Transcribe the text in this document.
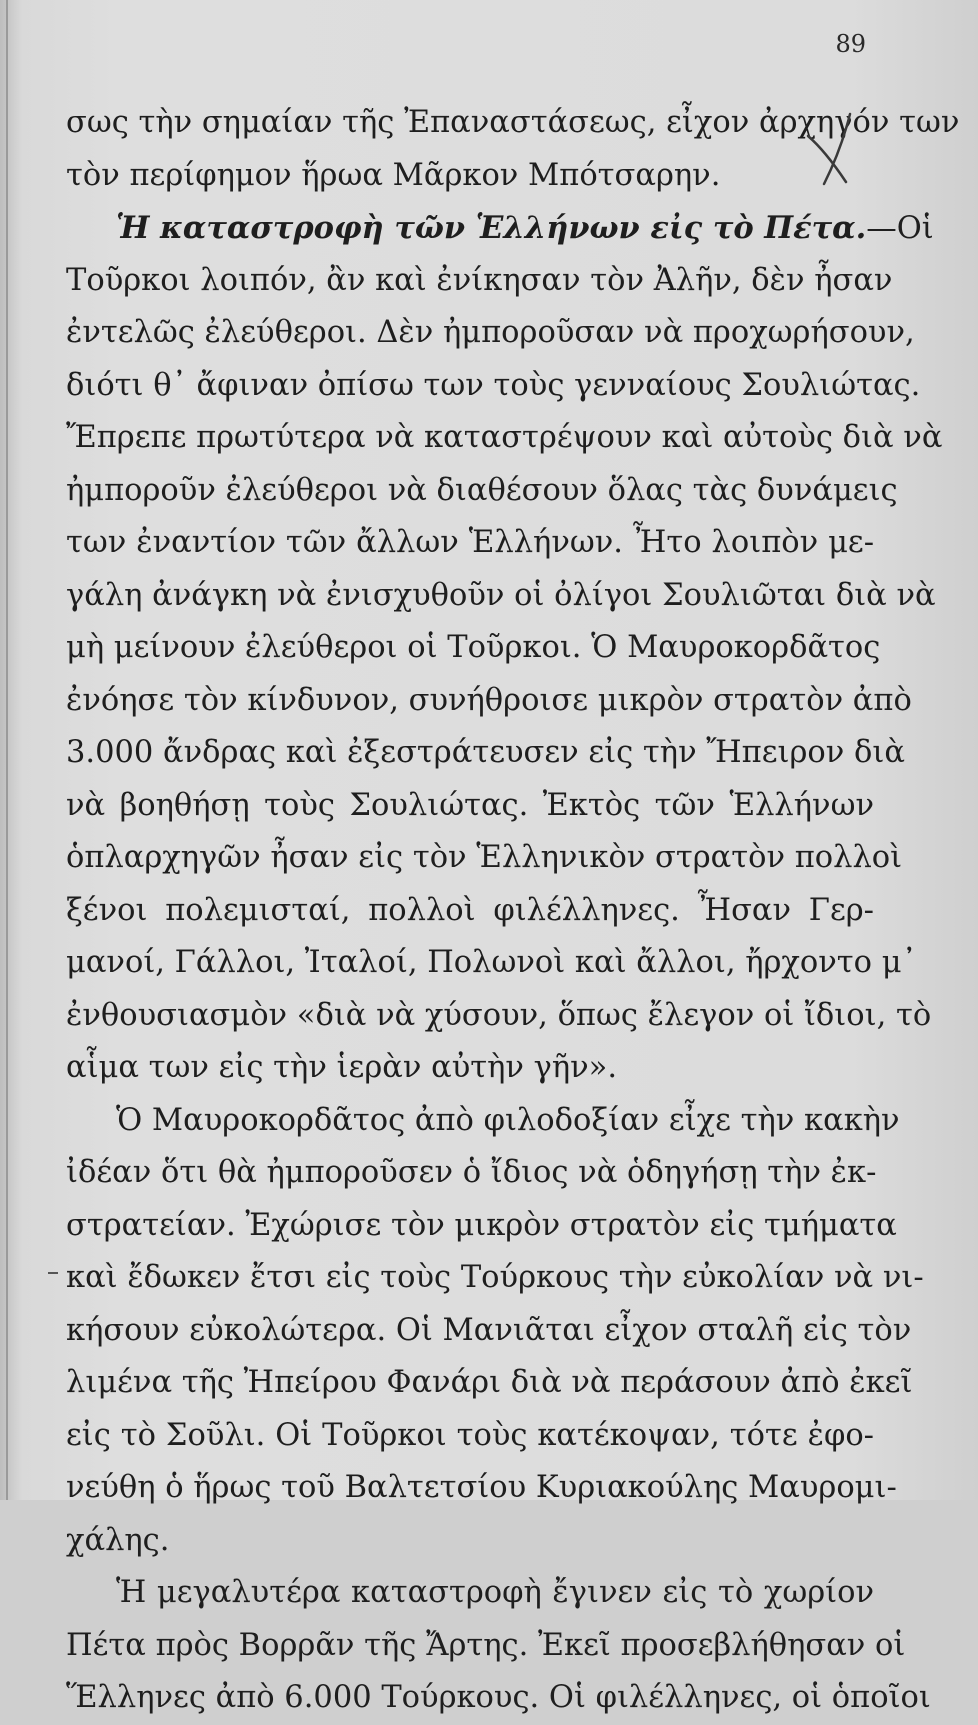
89
σως τὴν σημαίαν τῆς Ἐπαναστάσεως, εἶχον ἀρχηγόν των
τὸν περίφημον ἥρωα Μᾶρκον Μπότσαρην.
Ἡ καταστροφὴ τῶν Ἑλλήνων εἰς τὸ Πέτα.—Οἱ
Τοῦρκοι λοιπόν, ἂν καὶ ἐνίκησαν τὸν Ἀλῆν, δὲν ἦσαν
ἐντελῶς ἐλεύθεροι. Δὲν ἠμποροῦσαν νὰ προχωρήσουν,
διότι θ᾽ ἄφιναν ὀπίσω των τοὺς γενναίους Σουλιώτας.
Ἔπρεπε πρωτύτερα νὰ καταστρέψουν καὶ αὐτοὺς διὰ νὰ
ἠμποροῦν ἐλεύθεροι νὰ διαθέσουν ὅλας τὰς δυνάμεις
των ἐναντίον τῶν ἄλλων Ἑλλήνων. Ἦτο λοιπὸν με-
γάλη ἀνάγκη νὰ ἐνισχυθοῦν οἱ ὀλίγοι Σουλιῶται διὰ νὰ
μὴ μείνουν ἐλεύθεροι οἱ Τοῦρκοι. Ὁ Μαυροκορδᾶτος
ἐνόησε τὸν κίνδυνον, συνήθροισε μικρὸν στρατὸν ἀπὸ
3.000 ἄνδρας καὶ ἐξεστράτευσεν εἰς τὴν Ἤπειρον διὰ
νὰ βοηθήσῃ τοὺς Σουλιώτας. Ἐκτὸς τῶν Ἑλλήνων
ὁπλαρχηγῶν ἦσαν εἰς τὸν Ἑλληνικὸν στρατὸν πολλοὶ
ξένοι πολεμισταί, πολλοὶ φιλέλληνες. Ἦσαν Γερ-
μανοί, Γάλλοι, Ἰταλοί, Πολωνοὶ καὶ ἄλλοι, ἤρχοντο μ᾽
ἐνθουσιασμὸν «διὰ νὰ χύσουν, ὅπως ἔλεγον οἱ ἴδιοι, τὸ
αἷμα των εἰς τὴν ἱερὰν αὐτὴν γῆν».
Ὁ Μαυροκορδᾶτος ἀπὸ φιλοδοξίαν εἶχε τὴν κακὴν
ἰδέαν ὅτι θὰ ἠμποροῦσεν ὁ ἴδιος νὰ ὁδηγήσῃ τὴν ἐκ-
στρατείαν. Ἐχώρισε τὸν μικρὸν στρατὸν εἰς τμήματα
καὶ ἔδωκεν ἔτσι εἰς τοὺς Τούρκους τὴν εὐκολίαν νὰ νι-
κήσουν εὐκολώτερα. Οἱ Μανιᾶται εἶχον σταλῆ εἰς τὸν
λιμένα τῆς Ἠπείρου Φανάρι διὰ νὰ περάσουν ἀπὸ ἐκεῖ
εἰς τὸ Σοῦλι. Οἱ Τοῦρκοι τοὺς κατέκοψαν, τότε ἐφο-
νεύθη ὁ ἥρως τοῦ Βαλτετσίου Κυριακούλης Μαυρομι-
χάλης.
Ἡ μεγαλυτέρα καταστροφὴ ἔγινεν εἰς τὸ χωρίον
Πέτα πρὸς Βορρᾶν τῆς Ἄρτης. Ἐκεῖ προσεβλήθησαν οἱ
Ἕλληνες ἀπὸ 6.000 Τούρκους. Οἱ φιλέλληνες, οἱ ὁποῖοι
